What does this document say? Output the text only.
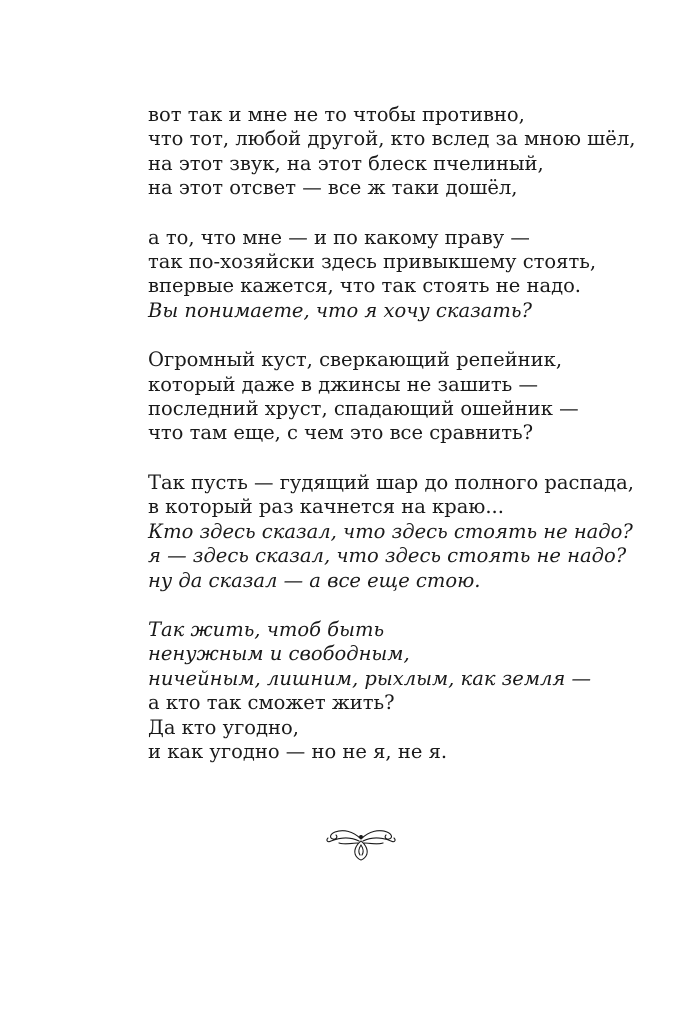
вот так и мне не то чтобы противно,
что тот, любой другой, кто вслед за мною шёл,
на этот звук, на этот блеск пчелиный,
на этот отсвет — все ж таки дошёл,
а то, что мне — и по какому праву —
так по-хозяйски здесь привыкшему стоять,
впервые кажется, что так стоять не надо.
Вы понимаете, что я хочу сказать?
Огромный куст, сверкающий репейник,
который даже в джинсы не зашить —
последний хруст, спадающий ошейник —
что там еще, с чем это все сравнить?
Так пусть — гудящий шар до полного распада,
в который раз качнется на краю...
Кто здесь сказал, что здесь стоять не надо?
я — здесь сказал, что здесь стоять не надо?
ну да сказал — а все еще стою.
Так жить, чтоб быть
ненужным и свободным,
ничейным, лишним, рыхлым, как земля —
а кто так сможет жить?
Да кто угодно,
и как угодно — но не я, не я.
